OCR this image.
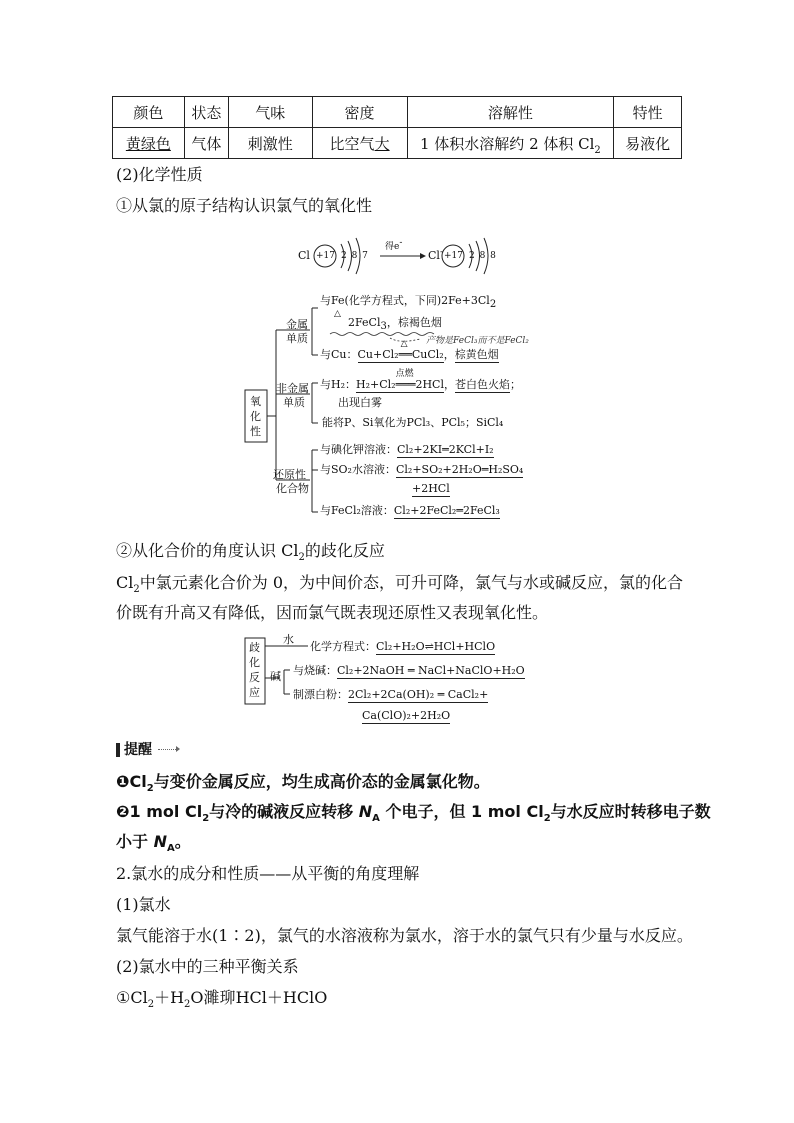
颜色	状态	气味	密度	溶解性	特性
黄绿色	气体	刺激性	比空气大	1 体积水溶解约 2 体积 $Cl_2$	易液化
(2)化学性质
①从氯的原子结构认识氯气的氧化性
Cl +17 2 8 7
得e-
Cl- +17 2 8 8
氧
化
性
金属
单质
非金属
单质
还原性
化合物
与Fe(化学方程式，下同)$2Fe+3Cl_2$
△
2FeCl$_3$，棕褐色烟
产物是FeCl₃而不是FeCl₂
与Cu：Cu+Cl₂
△
══CuCl₂，棕黄色烟
与H₂：H₂+Cl₂
点燃
═══2HCl，苍白色火焰；
出现白雾
能将P、Si氧化为PCl₃、PCl₅；SiCl₄
与碘化钾溶液：Cl₂+2KI═2KCl+I₂
与SO₂水溶液：Cl₂+SO₂+2H₂O═H₂SO₄
+2HCl
与FeCl₂溶液：Cl₂+2FeCl₂═2FeCl₃
②从化合价的角度认识 $Cl_2$的歧化反应
$Cl_2$中氯元素化合价为 0，为中间价态，可升可降，氯气与水或碱反应，氯的化合
价既有升高又有降低，因而氯气既表现还原性又表现氧化性。
歧
化
反
应
水
碱
化学方程式：Cl₂+H₂O⇌HCl+HClO
与烧碱：Cl₂+2NaOH ═ NaCl+NaClO+H₂O
制漂白粉：2Cl₂+2Ca(OH)₂ ═ CaCl₂+
Ca(ClO)₂+2H₂O
提醒
$❶Cl_2$与变价金属反应，均生成高价态的金属氯化物。
❷1 mol $Cl_2$与冷的碱液反应转移 $N_A$ 个电子，但 1 mol $Cl_2$与水反应时转移电子数
小于 $N_A$。
2.氯水的成分和性质——从平衡的角度理解
(1)氯水
氯气能溶于水(1∶2)，氯气的水溶液称为氯水，溶于水的氯气只有少量与水反应。
(2)氯水中的三种平衡关系
$①Cl_2+H_2O$濉珋HCl＋HClO
